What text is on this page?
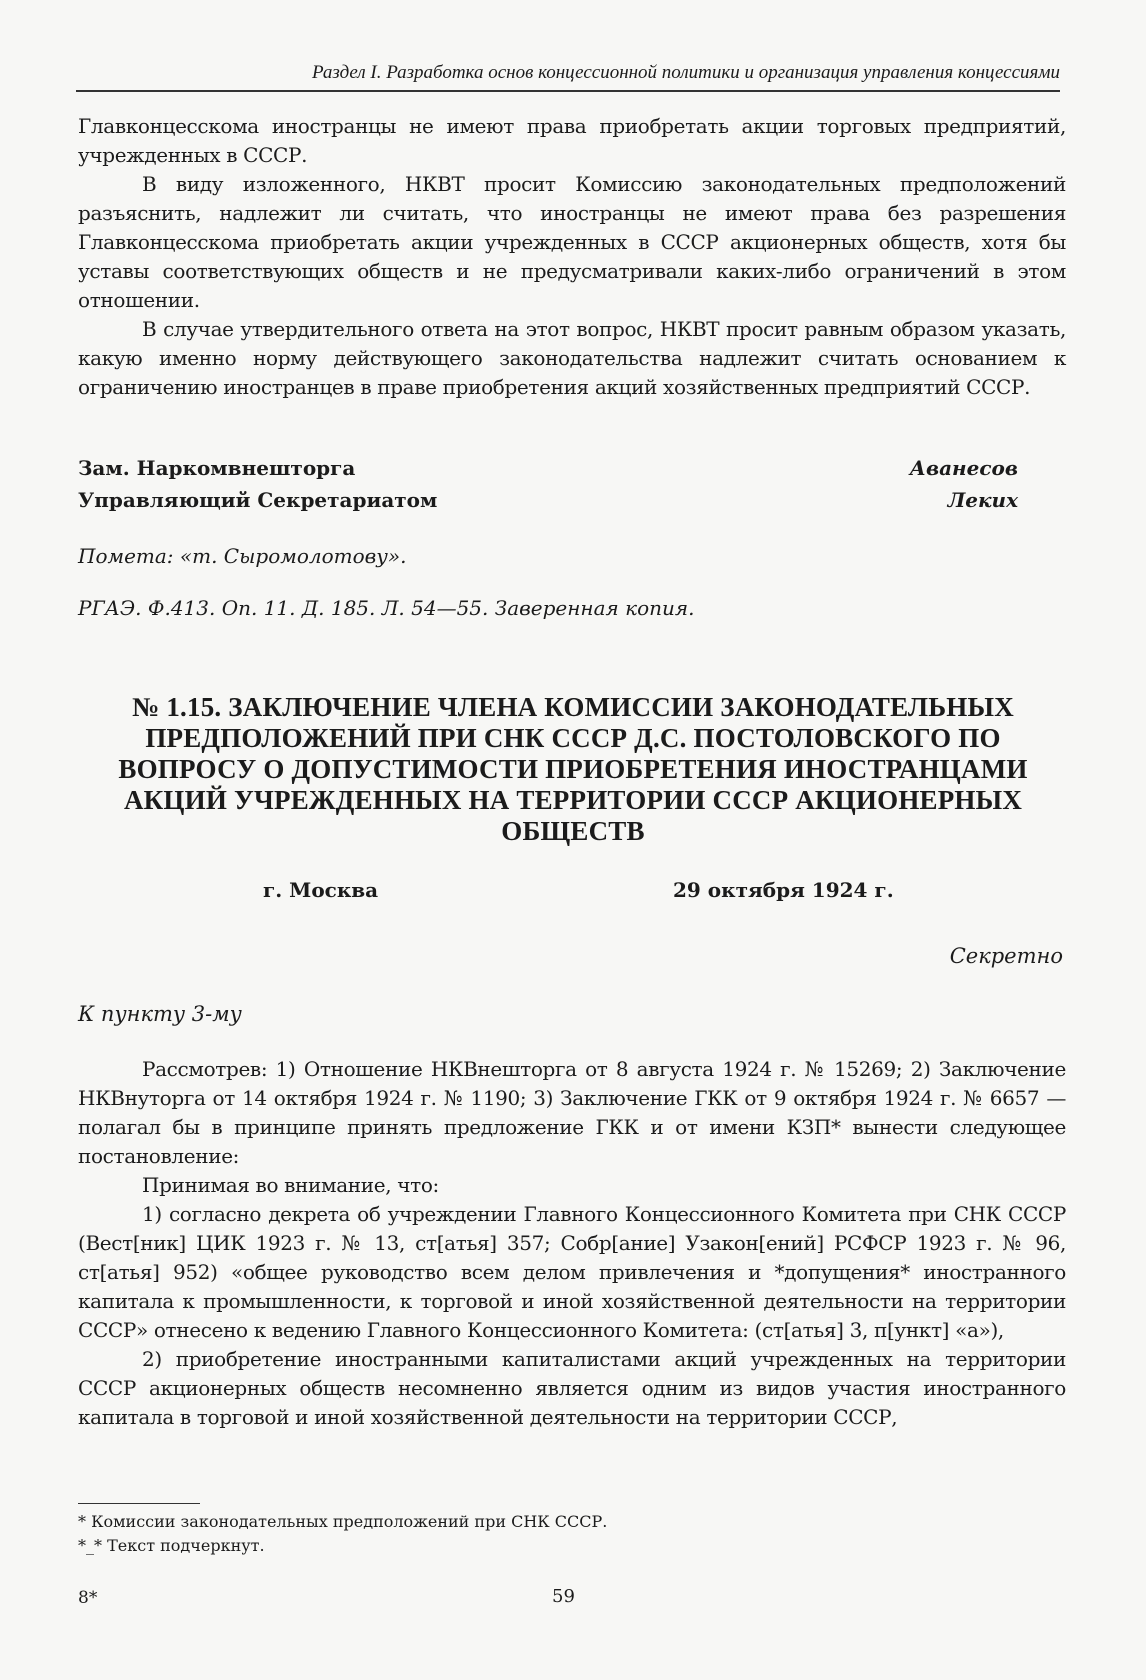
Раздел I. Разработка основ концессионной политики и организация управления концессиями

Главконцесскома иностранцы не имеют права приобретать акции торговых предприятий, учрежденных в СССР.

В виду изложенного, НКВТ просит Комиссию законодательных предположений разъяснить, надлежит ли считать, что иностранцы не имеют права без разрешения Главконцесскома приобретать акции учрежденных в СССР акционерных обществ, хотя бы уставы соответствующих обществ и не предусматривали каких-либо ограничений в этом отношении.

В случае утвердительного ответа на этот вопрос, НКВТ просит равным образом указать, какую именно норму действующего законодательства надлежит считать основанием к ограничению иностранцев в праве приобретения акций хозяйственных предприятий СССР.

Зам. Наркомвнешторга	Аванесов
Управляющий Секретариатом	Леких
Помета: «т. Сыромолотову».
РГАЭ. Ф.413. Оп. 11. Д. 185. Л. 54—55. Заверенная копия.
№ 1.15. ЗАКЛЮЧЕНИЕ ЧЛЕНА КОМИССИИ ЗАКОНОДАТЕЛЬНЫХ ПРЕДПОЛОЖЕНИЙ ПРИ СНК СССР Д.С. ПОСТОЛОВСКОГО ПО ВОПРОСУ О ДОПУСТИМОСТИ ПРИОБРЕТЕНИЯ ИНОСТРАНЦАМИ АКЦИЙ УЧРЕЖДЕННЫХ НА ТЕРРИТОРИИ СССР АКЦИОНЕРНЫХ ОБЩЕСТВ
г. Москва	29 октября 1924 г.
Секретно
К пункту 3-му

Рассмотрев: 1) Отношение НКВнешторга от 8 августа 1924 г. № 15269; 2) Заключение НКВнуторга от 14 октября 1924 г. № 1190; 3) Заключение ГКК от 9 октября 1924 г. № 6657 — полагал бы в принципе принять предложение ГКК и от имени КЗП* вынести следующее постановление:

Принимая во внимание, что:

1) согласно декрета об учреждении Главного Концессионного Комитета при СНК СССР (Вест[ник] ЦИК 1923 г. № 13, ст[атья] 357; Собр[ание] Узакон[ений] РСФСР 1923 г. № 96, ст[атья] 952) «общее руководство всем делом привлечения и *допущения* иностранного капитала к промышленности, к торговой и иной хозяйственной деятельности на территории СССР» отнесено к ведению Главного Концессионного Комитета: (ст[атья] 3, п[ункт] «а»),

2) приобретение иностранными капиталистами акций учрежденных на территории СССР акционерных обществ несомненно является одним из видов участия иностранного капитала в торговой и иной хозяйственной деятельности на территории СССР,

* Комиссии законодательных предположений при СНК СССР.

*_* Текст подчеркнут.

8*	59
